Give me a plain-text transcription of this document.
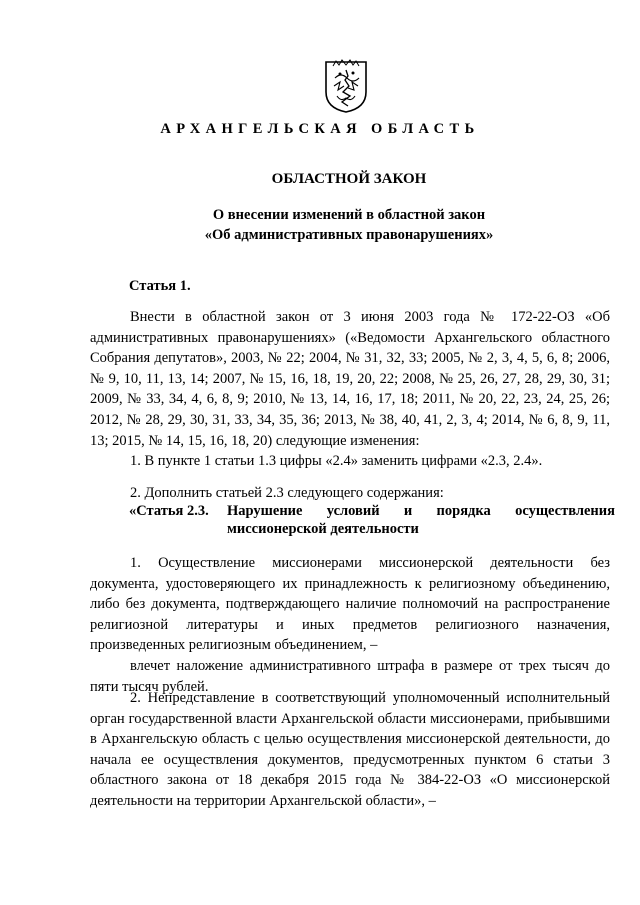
АРХАНГЕЛЬСКАЯ ОБЛАСТЬ
ОБЛАСТНОЙ ЗАКОН
О внесении изменений в областной закон
«Об административных правонарушениях»
Статья 1.

Внести в областной закон от 3 июня 2003 года № 172-22-ОЗ «Об административных правонарушениях» («Ведомости Архангельского областного Собрания депутатов», 2003, № 22; 2004, № 31, 32, 33; 2005, № 2, 3, 4, 5, 6, 8; 2006, № 9, 10, 11, 13, 14; 2007, № 15, 16, 18, 19, 20, 22; 2008, № 25, 26, 27, 28, 29, 30, 31; 2009, № 33, 34, 4, 6, 8, 9; 2010, № 13, 14, 16, 17, 18; 2011, № 20, 22, 23, 24, 25, 26; 2012, № 28, 29, 30, 31, 33, 34, 35, 36; 2013, № 38, 40, 41, 2, 3, 4; 2014, № 6, 8, 9, 11, 13; 2015, № 14, 15, 16, 18, 20) следующие изменения:

1. В пункте 1 статьи 1.3 цифры «2.4» заменить цифрами «2.3, 2.4».

2. Дополнить статьей 2.3 следующего содержания:

«Статья 2.3. Нарушение условий и порядка осуществления
миссионерской деятельности

1. Осуществление миссионерами миссионерской деятельности без документа, удостоверяющего их принадлежность к религиозному объединению, либо без документа, подтверждающего наличие полномочий на распространение религиозной литературы и иных предметов религиозного назначения, произведенных религиозным объединением, –

влечет наложение административного штрафа в размере от трех тысяч до пяти тысяч рублей.

2. Непредставление в соответствующий уполномоченный исполнительный орган государственной власти Архангельской области миссионерами, прибывшими в Архангельскую область с целью осуществления миссионерской деятельности, до начала ее осуществления документов, предусмотренных пунктом 6 статьи 3 областного закона от 18 декабря 2015 года № 384-22-ОЗ «О миссионерской деятельности на территории Архангельской области», –
